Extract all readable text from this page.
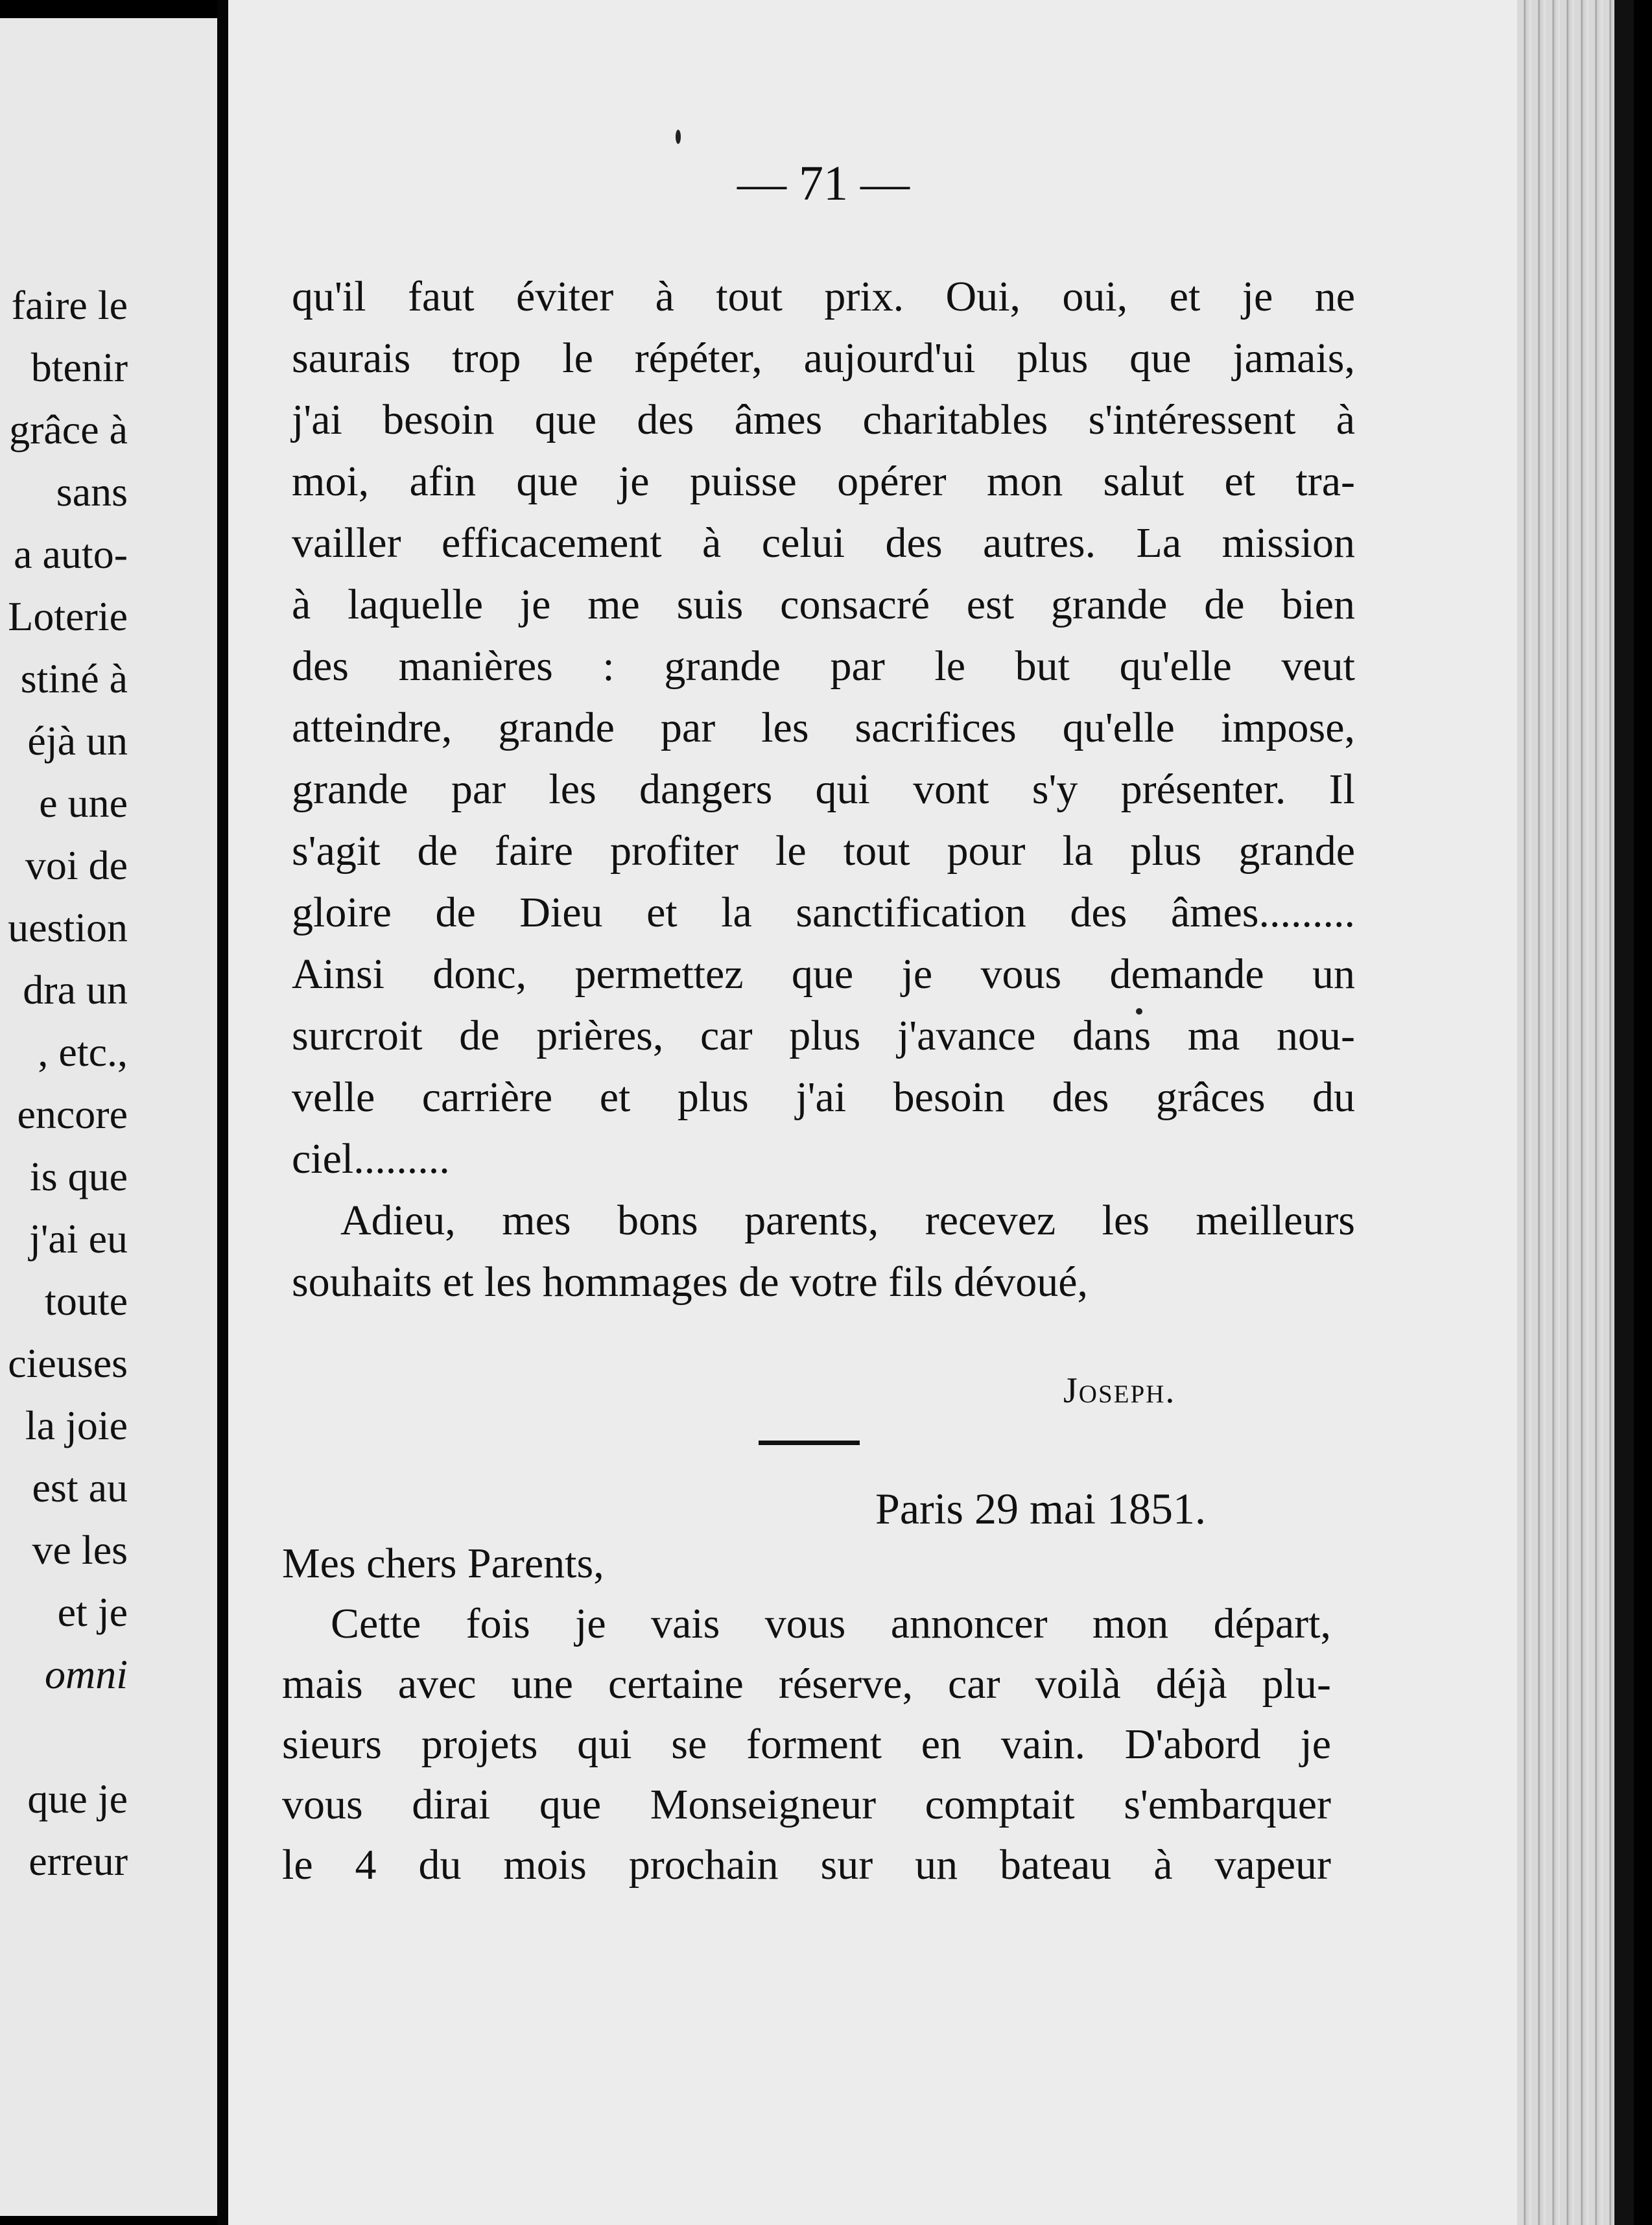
faire le
btenir
grâce à
sans
a auto-
Loterie
stiné à
éjà un
e une
voi de
uestion
dra un
, etc.,
encore
is que
j'ai eu
toute
cieuses
la joie
est au
ve les
et je
omni
que je
erreur
— 71 —
qu'il faut éviter à tout prix. Oui, oui, et je ne
saurais trop le répéter, aujourd'ui plus que jamais,
j'ai besoin que des âmes charitables s'intéressent à
moi, afin que je puisse opérer mon salut et tra-
vailler efficacement à celui des autres. La mission
à laquelle je me suis consacré est grande de bien
des manières : grande par le but qu'elle veut
atteindre, grande par les sacrifices qu'elle impose,
grande par les dangers qui vont s'y présenter. Il
s'agit de faire profiter le tout pour la plus grande
gloire de Dieu et la sanctification des âmes.........
Ainsi donc, permettez que je vous demande un
surcroit de prières, car plus j'avance dans ma nou-
velle carrière et plus j'ai besoin des grâces du
ciel.........
Adieu, mes bons parents, recevez les meilleurs
souhaits et les hommages de votre fils dévoué,
Joseph.
Paris 29 mai 1851.
Mes chers Parents,
Cette fois je vais vous annoncer mon départ,
mais avec une certaine réserve, car voilà déjà plu-
sieurs projets qui se forment en vain. D'abord je
vous dirai que Monseigneur comptait s'embarquer
le 4 du mois prochain sur un bateau à vapeur
